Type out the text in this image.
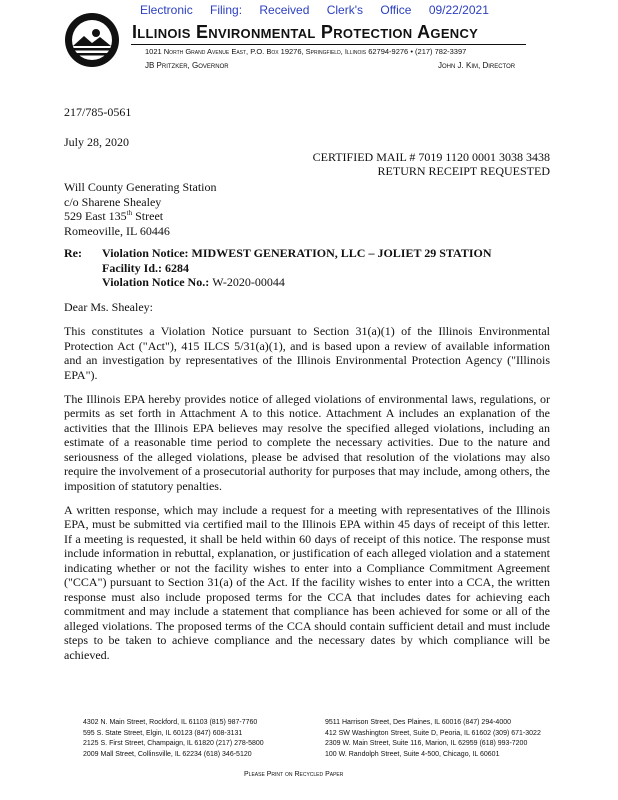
Electronic Filing: Received Clerk's Office 09/22/2021
Illinois Environmental Protection Agency
1021 North Grand Avenue East, P.O. Box 19276, Springfield, Illinois 62794-9276 • (217) 782-3397
JB Pritzker, Governor	John J. Kim, Director
217/785-0561
July 28, 2020
CERTIFIED MAIL # 7019 1120 0001 3038 3438
RETURN RECEIPT REQUESTED
Will County Generating Station
c/o Sharene Shealey
529 East 135th Street
Romeoville, IL 60446
Re:	Violation Notice: MIDWEST GENERATION, LLC – JOLIET 29 STATION
	Facility Id.: 6284
	Violation Notice No.: W-2020-00044
Dear Ms. Shealey:
This constitutes a Violation Notice pursuant to Section 31(a)(1) of the Illinois Environmental Protection Act ("Act"), 415 ILCS 5/31(a)(1), and is based upon a review of available information and an investigation by representatives of the Illinois Environmental Protection Agency ("Illinois EPA").
The Illinois EPA hereby provides notice of alleged violations of environmental laws, regulations, or permits as set forth in Attachment A to this notice. Attachment A includes an explanation of the activities that the Illinois EPA believes may resolve the specified alleged violations, including an estimate of a reasonable time period to complete the necessary activities. Due to the nature and seriousness of the alleged violations, please be advised that resolution of the violations may also require the involvement of a prosecutorial authority for purposes that may include, among others, the imposition of statutory penalties.
A written response, which may include a request for a meeting with representatives of the Illinois EPA, must be submitted via certified mail to the Illinois EPA within 45 days of receipt of this letter. If a meeting is requested, it shall be held within 60 days of receipt of this notice. The response must include information in rebuttal, explanation, or justification of each alleged violation and a statement indicating whether or not the facility wishes to enter into a Compliance Commitment Agreement ("CCA") pursuant to Section 31(a) of the Act. If the facility wishes to enter into a CCA, the written response must also include proposed terms for the CCA that includes dates for achieving each commitment and may include a statement that compliance has been achieved for some or all of the alleged violations. The proposed terms of the CCA should contain sufficient detail and must include steps to be taken to achieve compliance and the necessary dates by which compliance will be achieved.
4302 N. Main Street, Rockford, IL 61103 (815) 987-7760
595 S. State Street, Elgin, IL 60123 (847) 608-3131
2125 S. First Street, Champaign, IL 61820 (217) 278-5800
2009 Mall Street, Collinsville, IL 62234 (618) 346-5120
9511 Harrison Street, Des Plaines, IL 60016 (847) 294-4000
412 SW Washington Street, Suite D, Peoria, IL 61602 (309) 671-3022
2309 W. Main Street, Suite 116, Marion, IL 62959 (618) 993-7200
100 W. Randolph Street, Suite 4-500, Chicago, IL 60601
Please Print on Recycled Paper
